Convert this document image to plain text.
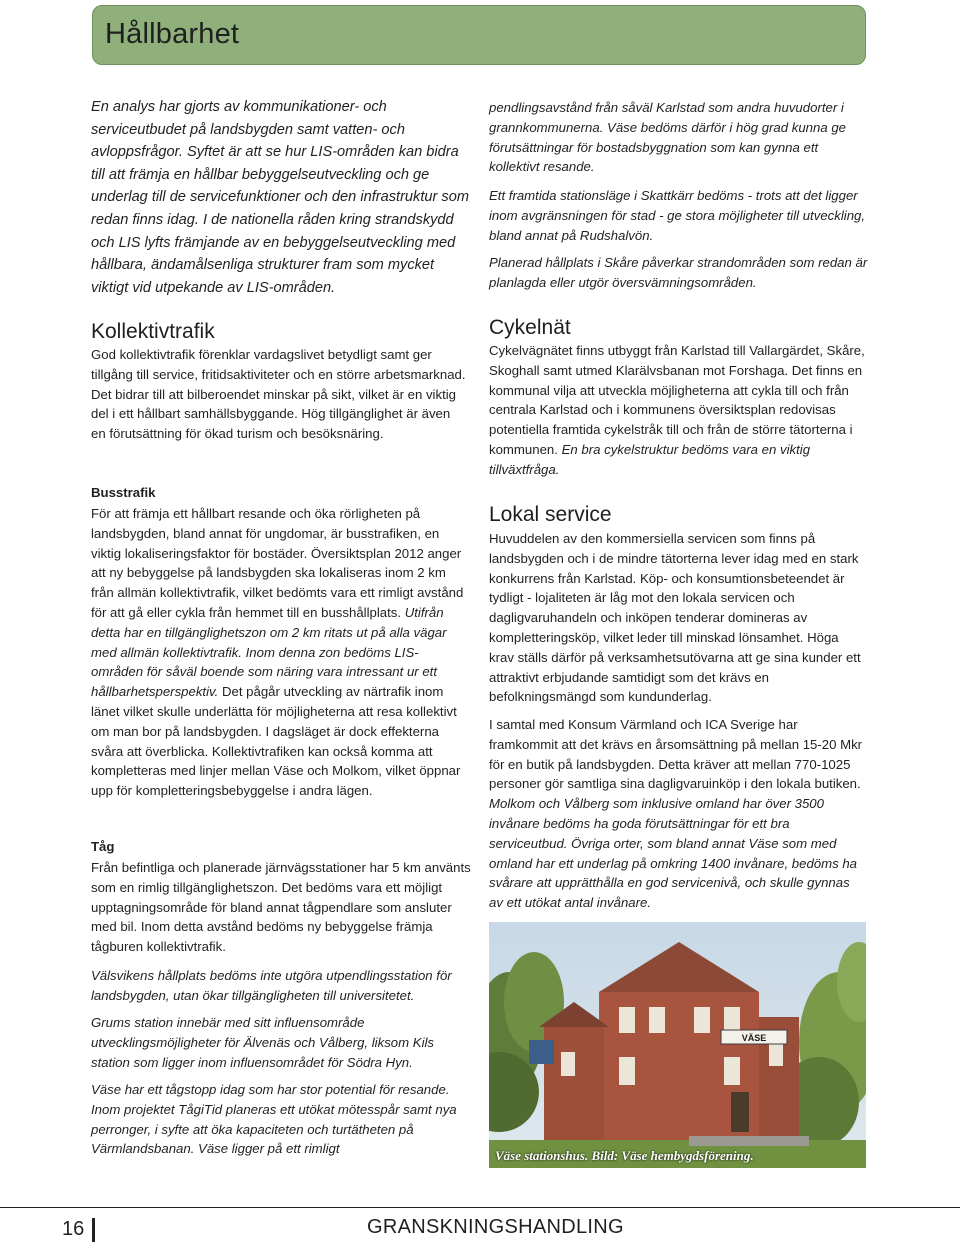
Hållbarhet

En analys har gjorts av kommunikationer- och serviceutbudet på landsbygden samt vatten- och avloppsfrågor. Syftet är att se hur LIS-områden kan bidra till att främja en hållbar bebyggelseutveckling och ge underlag till de servicefunktioner och den infrastruktur som redan finns idag. I de nationella råden kring strandskydd och LIS lyfts främjande av en bebyggelseutveckling med hållbara, ändamålsenliga strukturer fram som mycket viktigt vid utpekande av LIS-områden.

Kollektivtrafik

God kollektivtrafik förenklar vardagslivet betydligt samt ger tillgång till service, fritidsaktiviteter och en större arbetsmarknad. Det bidrar till att bilberoendet minskar på sikt, vilket är en viktig del i ett hållbart samhällsbyggande. Hög tillgänglighet är även en förutsättning för ökad turism och besöksnäring.

Busstrafik

För att främja ett hållbart resande och öka rörligheten på landsbygden, bland annat för ungdomar, är busstrafiken, en viktig lokaliseringsfaktor för bostäder. Översiktsplan 2012 anger att ny bebyggelse på landsbygden ska lokaliseras inom 2 km från allmän kollektivtrafik, vilket bedömts vara ett rimligt avstånd för att gå eller cykla från hemmet till en busshållplats. Utifrån detta har en tillgänglighetszon om 2 km ritats ut på alla vägar med allmän kollektivtrafik. Inom denna zon bedöms LIS- områden för såväl boende som näring vara intressant ur ett hållbarhetsperspektiv. Det pågår utveckling av närtrafik inom länet vilket skulle underlätta för möjligheterna att resa kollektivt om man bor på landsbygden. I dagsläget är dock effekterna svåra att överblicka. Kollektivtrafiken kan också komma att kompletteras med linjer mellan Väse och Molkom, vilket öppnar upp för kompletteringsbebyggelse i andra lägen.

Tåg

Från befintliga och planerade järnvägsstationer har 5 km använts som en rimlig tillgänglighetszon. Det bedöms vara ett möjligt upptagningsområde för bland annat tågpendlare som ansluter med bil. Inom detta avstånd bedöms ny bebyggelse främja tågburen kollektivtrafik.

Välsvikens hållplats bedöms inte utgöra utpendlingsstation för landsbygden, utan ökar tillgängligheten till universitetet.

Grums station innebär med sitt influensområde utvecklingsmöjligheter för Älvenäs och Vålberg, liksom Kils station som ligger inom influensområdet för Södra Hyn.

Väse har ett tågstopp idag som har stor potential för resande. Inom projektet TågiTid planeras ett utökat mötesspår samt nya perronger, i syfte att öka kapaciteten och turtätheten på Värmlandsbanan. Väse ligger på ett rimligt

pendlingsavstånd från såväl Karlstad som andra huvudorter i grannkommunerna. Väse bedöms därför i hög grad kunna ge förutsättningar för bostadsbyggnation som kan gynna ett kollektivt resande.

Ett framtida stationsläge i Skattkärr bedöms - trots att det ligger inom avgränsningen för stad - ge stora möjligheter till utveckling, bland annat på Rudshalvön.

Planerad hållplats i Skåre påverkar strandområden som redan är planlagda eller utgör översvämningsområden.

Cykelnät

Cykelvägnätet finns utbyggt från Karlstad till Vallargärdet, Skåre, Skoghall samt utmed Klarälvsbanan mot Forshaga. Det finns en kommunal vilja att utveckla möjligheterna att cykla till och från centrala Karlstad och i kommunens översiktsplan redovisas potentiella framtida cykelstråk till och från de större tätorterna i kommunen. En bra cykelstruktur bedöms vara en viktig tillväxtfråga.

Lokal service

Huvuddelen av den kommersiella servicen som finns på landsbygden och i de mindre tätorterna lever idag med en stark konkurrens från Karlstad. Köp- och konsumtionsbeteendet är tydligt - lojaliteten är låg mot den lokala servicen och dagligvaruhandeln och inköpen tenderar domineras av kompletteringsköp, vilket leder till minskad lönsamhet. Höga krav ställs därför på verksamhetsutövarna att ge sina kunder ett attraktivt erbjudande samtidigt som det krävs en befolkningsmängd som kundunderlag.

I samtal med Konsum Värmland och ICA Sverige har framkommit att det krävs en årsomsättning på mellan 15-20 Mkr för en butik på landsbygden. Detta kräver att mellan 770-1025 personer gör samtliga sina dagligvaruinköp i den lokala butiken. Molkom och Vålberg som inklusive omland har över 3500 invånare bedöms ha goda förutsättningar för ett bra serviceutbud. Övriga orter, som bland annat Väse som med omland har ett underlag på omkring 1400 invånare, bedöms ha svårare att upprätthålla en god servicenivå, och skulle gynnas av ett utökat antal invånare.

VÄSE

Väse stationshus. Bild: Väse hembygdsförening.

16	GRANSKNINGSHANDLING
